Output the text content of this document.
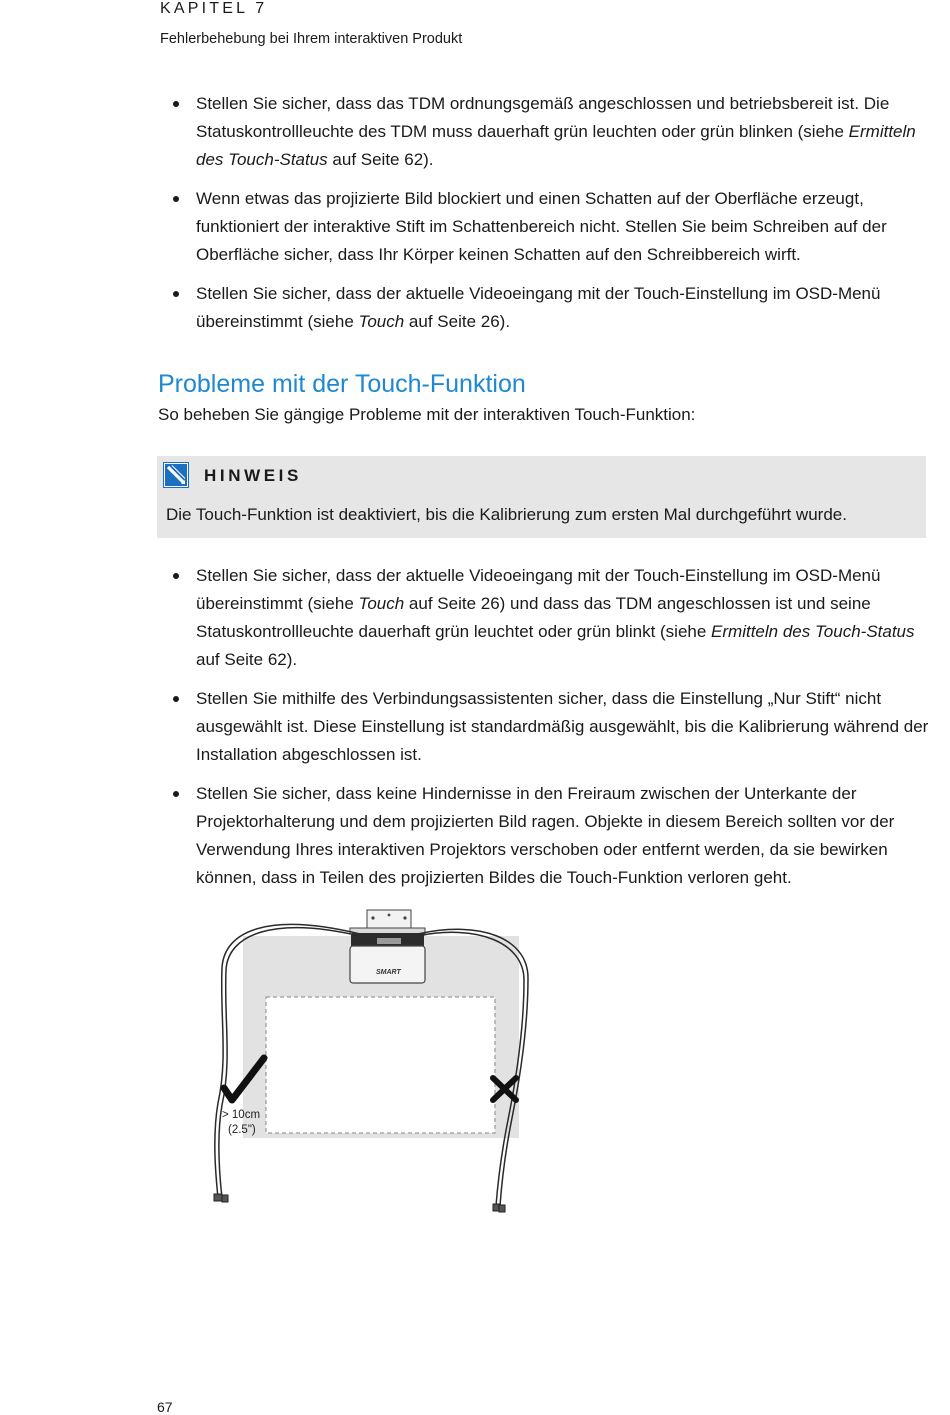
KAPITEL 7
Fehlerbehebung bei Ihrem interaktiven Produkt
Stellen Sie sicher, dass das TDM ordnungsgemäß angeschlossen und betriebsbereit ist. Die Statuskontrollleuchte des TDM muss dauerhaft grün leuchten oder grün blinken (siehe Ermitteln des Touch-Status auf Seite 62).
Wenn etwas das projizierte Bild blockiert und einen Schatten auf der Oberfläche erzeugt, funktioniert der interaktive Stift im Schattenbereich nicht. Stellen Sie beim Schreiben auf der Oberfläche sicher, dass Ihr Körper keinen Schatten auf den Schreibbereich wirft.
Stellen Sie sicher, dass der aktuelle Videoeingang mit der Touch-Einstellung im OSD-Menü übereinstimmt (siehe Touch auf Seite 26).
Probleme mit der Touch-Funktion

So beheben Sie gängige Probleme mit der interaktiven Touch-Funktion:

HINWEIS
Die Touch-Funktion ist deaktiviert, bis die Kalibrierung zum ersten Mal durchgeführt wurde.
Stellen Sie sicher, dass der aktuelle Videoeingang mit der Touch-Einstellung im OSD-Menü übereinstimmt (siehe Touch auf Seite 26) und dass das TDM angeschlossen ist und seine Statuskontrollleuchte dauerhaft grün leuchtet oder grün blinkt (siehe Ermitteln des Touch-Status auf Seite 62).
Stellen Sie mithilfe des Verbindungsassistenten sicher, dass die Einstellung „Nur Stift“ nicht ausgewählt ist. Diese Einstellung ist standardmäßig ausgewählt, bis die Kalibrierung während der Installation abgeschlossen ist.
Stellen Sie sicher, dass keine Hindernisse in den Freiraum zwischen der Unterkante der Projektorhalterung und dem projizierten Bild ragen. Objekte in diesem Bereich sollten vor der Verwendung Ihres interaktiven Projektors verschoben oder entfernt werden, da sie bewirken können, dass in Teilen des projizierten Bildes die Touch-Funktion verloren geht.
SMART
> 10cm
(2.5")
67
